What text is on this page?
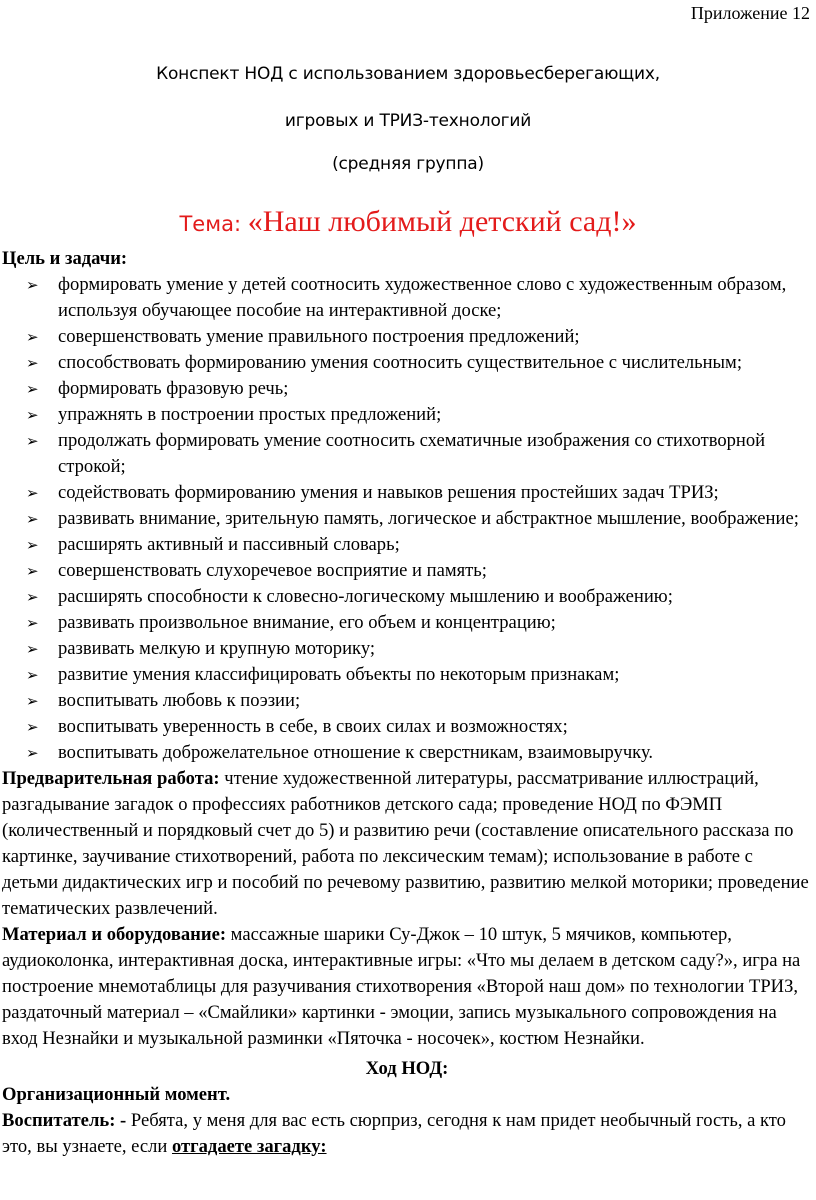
Приложение 12
Конспект НОД с использованием здоровьесберегающих,
игровых и ТРИЗ-технологий
(средняя группа)
Тема: «Наш любимый детский сад!»

Цель и задачи:

➢ формировать умение у детей соотносить художественное слово с художественным образом, используя обучающее пособие на интерактивной доске;
➢ совершенствовать умение правильного построения предложений;
➢ способствовать формированию умения соотносить существительное с числительным;
➢ формировать фразовую речь;
➢ упражнять в построении простых предложений;
➢ продолжать формировать умение соотносить схематичные изображения со стихотворной строкой;
➢ содействовать формированию умения и навыков решения простейших задач ТРИЗ;
➢ развивать внимание, зрительную память, логическое и абстрактное мышление, воображение;
➢ расширять активный и пассивный словарь;
➢ совершенствовать слухоречевое восприятие и память;
➢ расширять способности к словесно-логическому мышлению и воображению;
➢ развивать произвольное внимание, его объем и концентрацию;
➢ развивать мелкую и крупную моторику;
➢ развитие умения классифицировать объекты по некоторым признакам;
➢ воспитывать любовь к поэзии;
➢ воспитывать уверенность в себе, в своих силах и возможностях;
➢ воспитывать доброжелательное отношение к сверстникам, взаимовыручку.

Предварительная работа: чтение художественной литературы, рассматривание иллюстраций, разгадывание загадок о профессиях работников детского сада; проведение НОД по ФЭМП (количественный и порядковый счет до 5) и развитию речи (составление описательного рассказа по картинке, заучивание стихотворений, работа по лексическим темам); использование в работе с детьми дидактических игр и пособий по речевому развитию, развитию мелкой моторики; проведение тематических развлечений.

Материал и оборудование: массажные шарики Су-Джок – 10 штук, 5 мячиков, компьютер, аудиоколонка, интерактивная доска, интерактивные игры: «Что мы делаем в детском саду?», игра на построение мнемотаблицы для разучивания стихотворения «Второй наш дом» по технологии ТРИЗ, раздаточный материал – «Смайлики» картинки - эмоции, запись музыкального сопровождения на вход Незнайки и музыкальной разминки «Пяточка - носочек», костюм Незнайки.

Ход НОД:

Организационный момент.

Воспитатель: - Ребята, у меня для вас есть сюрприз, сегодня к нам придет необычный гость, а кто это, вы узнаете, если отгадаете загадку:
